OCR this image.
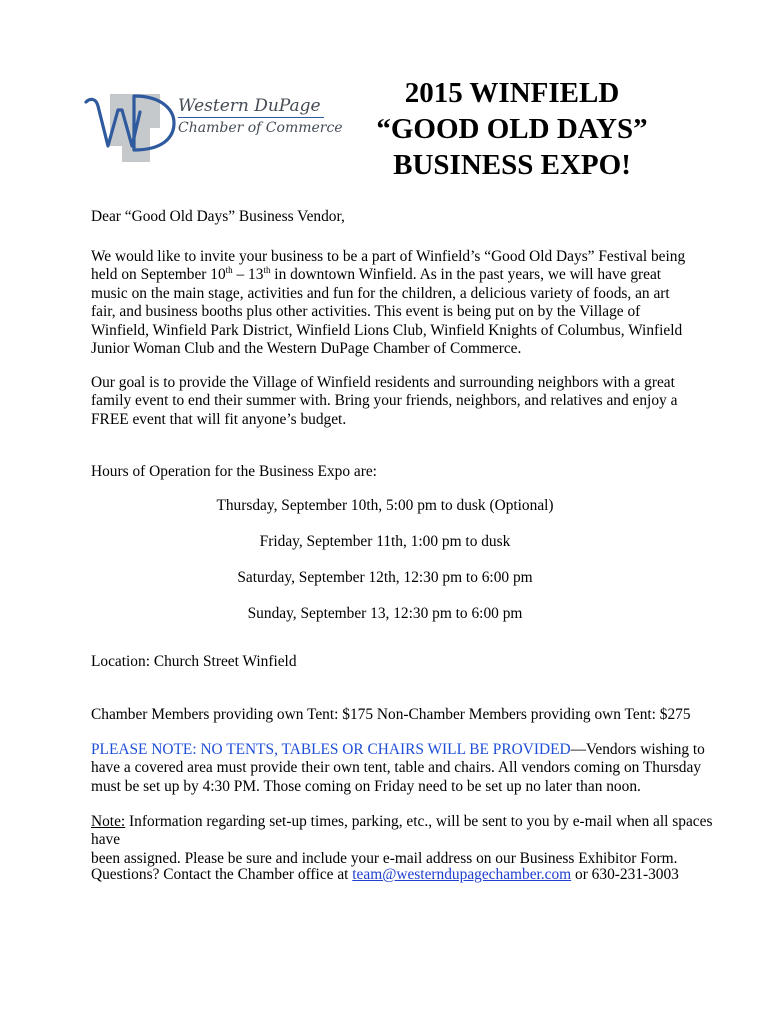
Western DuPage
Chamber of Commerce
2015 WINFIELD
“GOOD OLD DAYS”
BUSINESS EXPO!
Dear “Good Old Days” Business Vendor,
We would like to invite your business to be a part of Winfield’s “Good Old Days” Festival being
held on September 10th – 13th in downtown Winfield. As in the past years, we will have great
music on the main stage, activities and fun for the children, a delicious variety of foods, an art
fair, and business booths plus other activities. This event is being put on by the Village of
Winfield, Winfield Park District, Winfield Lions Club, Winfield Knights of Columbus, Winfield
Junior Woman Club and the Western DuPage Chamber of Commerce.
Our goal is to provide the Village of Winfield residents and surrounding neighbors with a great
family event to end their summer with. Bring your friends, neighbors, and relatives and enjoy a
FREE event that will fit anyone’s budget.
Hours of Operation for the Business Expo are:
Thursday, September 10th, 5:00 pm to dusk (Optional)
Friday, September 11th, 1:00 pm to dusk
Saturday, September 12th, 12:30 pm to 6:00 pm
Sunday, September 13, 12:30 pm to 6:00 pm
Location: Church Street Winfield
Chamber Members providing own Tent: $175 Non-Chamber Members providing own Tent: $275
PLEASE NOTE: NO TENTS, TABLES OR CHAIRS WILL BE PROVIDED—Vendors wishing to
have a covered area must provide their own tent, table and chairs. All vendors coming on Thursday
must be set up by 4:30 PM. Those coming on Friday need to be set up no later than noon.
Note: Information regarding set-up times, parking, etc., will be sent to you by e-mail when all spaces have
been assigned. Please be sure and include your e-mail address on our Business Exhibitor Form.
Questions? Contact the Chamber office at team@westerndupagechamber.com or 630-231-3003
